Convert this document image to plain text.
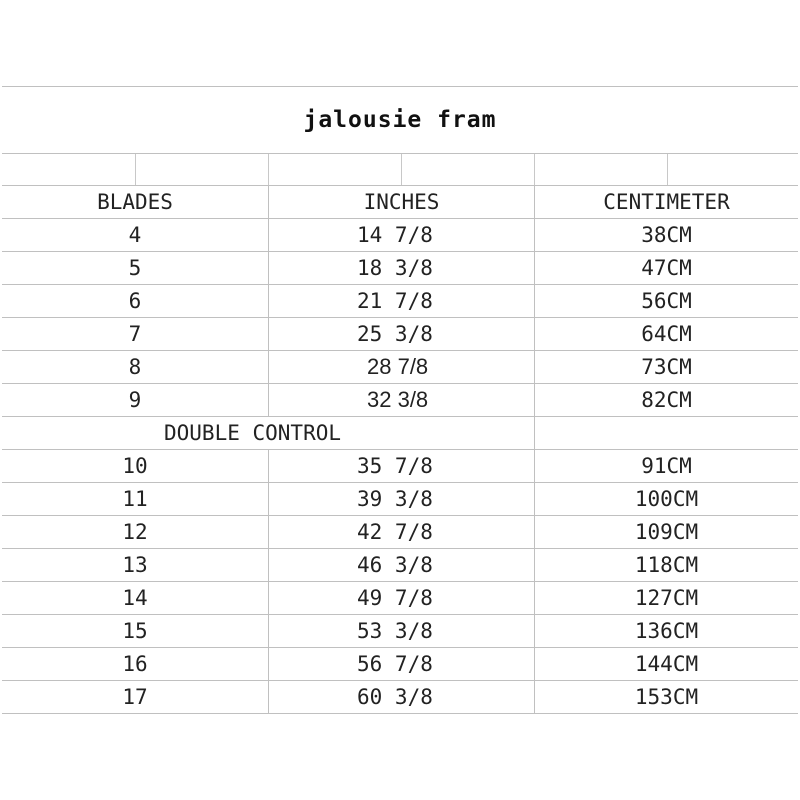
jalousie fram
BLADES	INCHES	CENTIMETER
4	14 7/8	38CM
5	18 3/8	47CM
6	21 7/8	56CM
7	25 3/8	64CM
8	28 7/8	73CM
9	32 3/8	82CM
DOUBLE CONTROL
10	35 7/8	91CM
11	39 3/8	100CM
12	42 7/8	109CM
13	46 3/8	118CM
14	49 7/8	127CM
15	53 3/8	136CM
16	56 7/8	144CM
17	60 3/8	153CM
